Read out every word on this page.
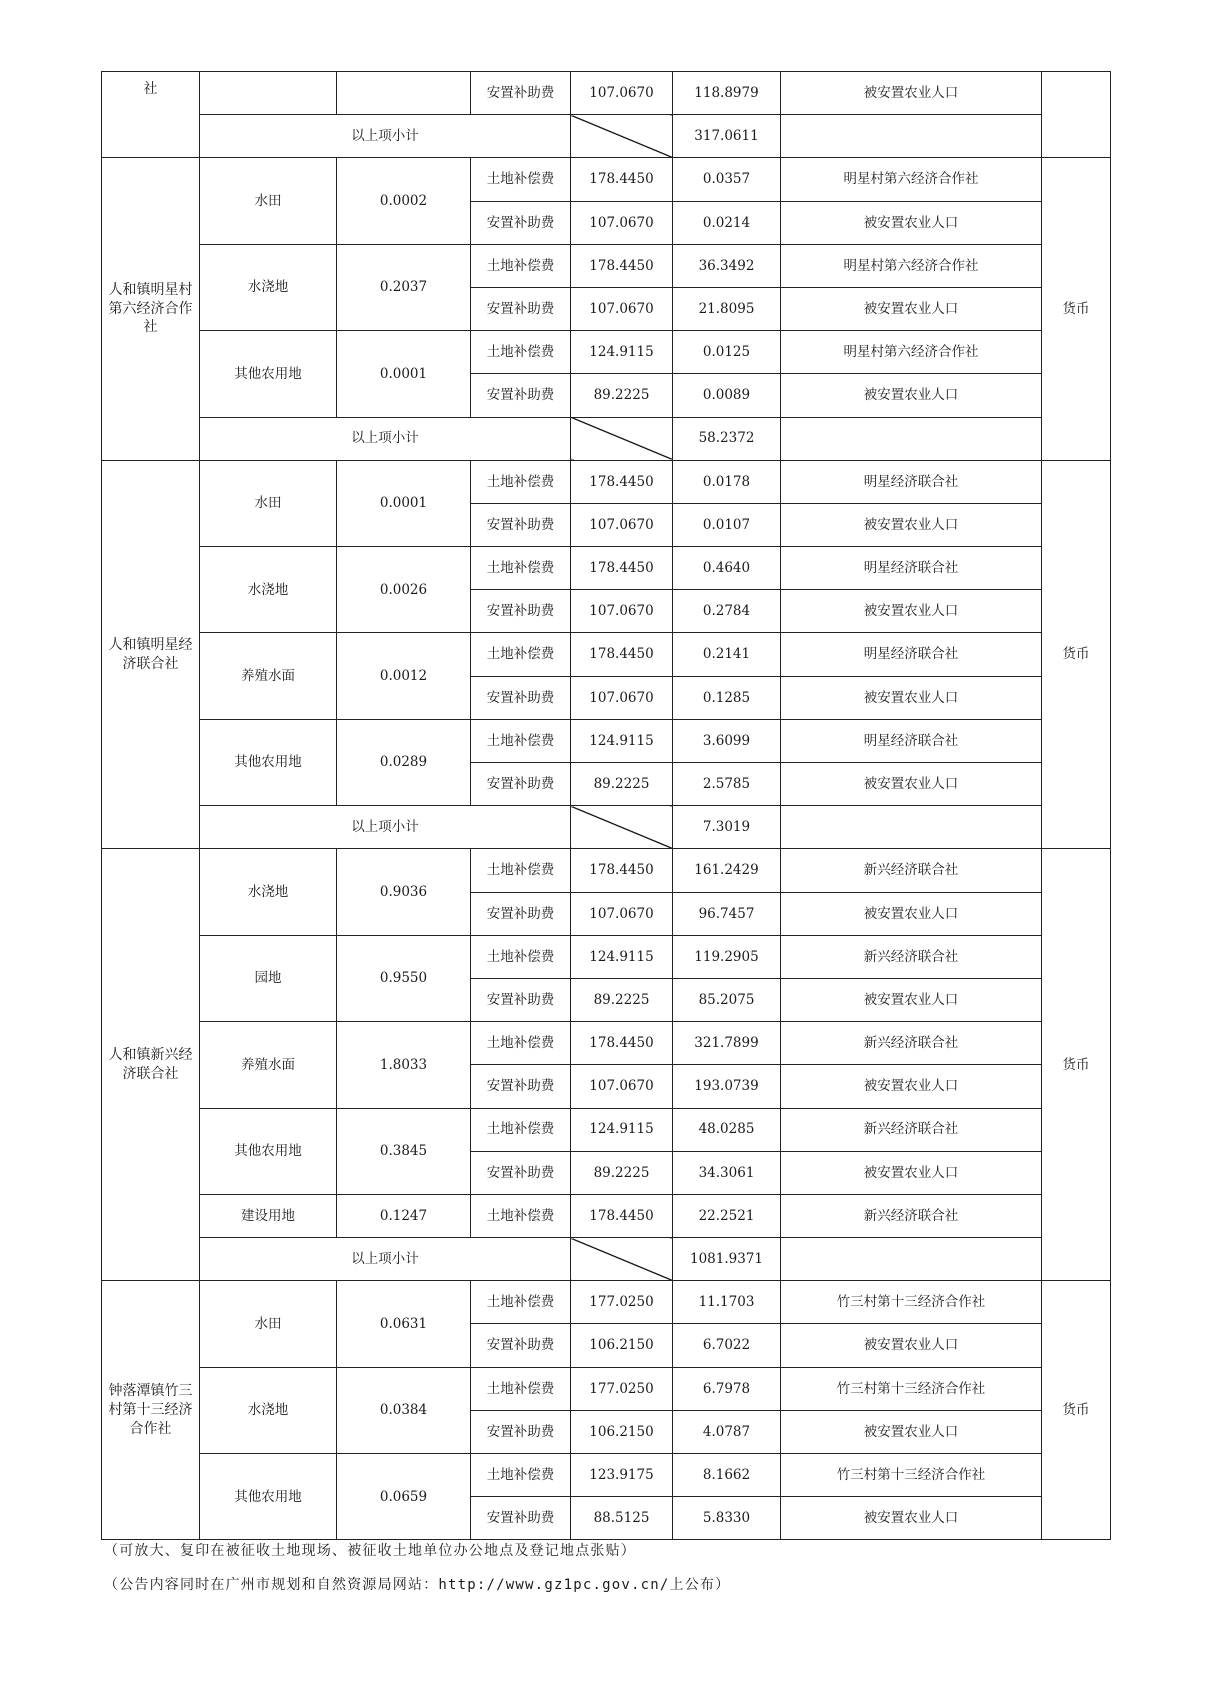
社			安置补助费	107.0670	118.8979	被安置农业人口	
	以上项小计				317.0611		
人和镇明星村第六经济合作社	水田	0.0002	土地补偿费	178.4450	0.0357	明星村第六经济合作社	货币
			安置补助费	107.0670	0.0214	被安置农业人口	
	水浇地	0.2037	土地补偿费	178.4450	36.3492	明星村第六经济合作社	
			安置补助费	107.0670	21.8095	被安置农业人口	
	其他农用地	0.0001	土地补偿费	124.9115	0.0125	明星村第六经济合作社	
			安置补助费	89.2225	0.0089	被安置农业人口	
	以上项小计				58.2372		
人和镇明星经济联合社	水田	0.0001	土地补偿费	178.4450	0.0178	明星经济联合社	货币
			安置补助费	107.0670	0.0107	被安置农业人口	
	水浇地	0.0026	土地补偿费	178.4450	0.4640	明星经济联合社	
			安置补助费	107.0670	0.2784	被安置农业人口	
	养殖水面	0.0012	土地补偿费	178.4450	0.2141	明星经济联合社	
			安置补助费	107.0670	0.1285	被安置农业人口	
	其他农用地	0.0289	土地补偿费	124.9115	3.6099	明星经济联合社	
			安置补助费	89.2225	2.5785	被安置农业人口	
	以上项小计				7.3019		
人和镇新兴经济联合社	水浇地	0.9036	土地补偿费	178.4450	161.2429	新兴经济联合社	货币
			安置补助费	107.0670	96.7457	被安置农业人口	
	园地	0.9550	土地补偿费	124.9115	119.2905	新兴经济联合社	
			安置补助费	89.2225	85.2075	被安置农业人口	
	养殖水面	1.8033	土地补偿费	178.4450	321.7899	新兴经济联合社	
			安置补助费	107.0670	193.0739	被安置农业人口	
	其他农用地	0.3845	土地补偿费	124.9115	48.0285	新兴经济联合社	
			安置补助费	89.2225	34.3061	被安置农业人口	
	建设用地	0.1247	土地补偿费	178.4450	22.2521	新兴经济联合社	
	以上项小计				1081.9371		
钟落潭镇竹三村第十三经济合作社	水田	0.0631	土地补偿费	177.0250	11.1703	竹三村第十三经济合作社	货币
			安置补助费	106.2150	6.7022	被安置农业人口	
	水浇地	0.0384	土地补偿费	177.0250	6.7978	竹三村第十三经济合作社	
			安置补助费	106.2150	4.0787	被安置农业人口	
	其他农用地	0.0659	土地补偿费	123.9175	8.1662	竹三村第十三经济合作社	
			安置补助费	88.5125	5.8330	被安置农业人口	
（可放大、复印在被征收土地现场、被征收土地单位办公地点及登记地点张贴）
（公告内容同时在广州市规划和自然资源局网站：http://www.gz1pc.gov.cn/上公布）
